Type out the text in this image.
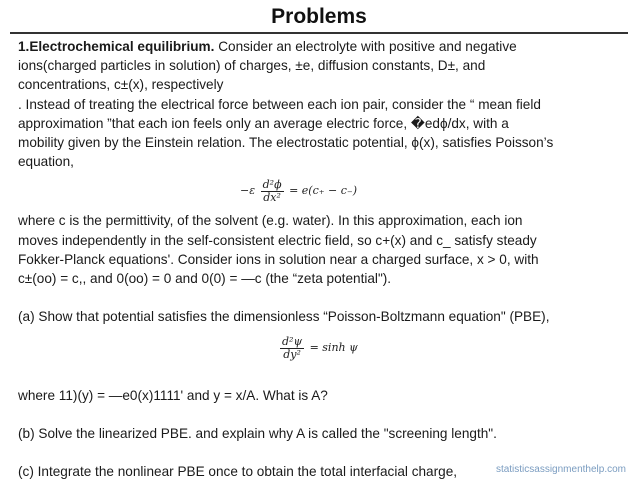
Problems
1.Electrochemical equilibrium. Consider an electrolyte with positive and negative
ions(charged particles in solution) of charges, ±e, diffusion constants, D±, and
concentrations, c±(x), respectively
. Instead of treating the electrical force between each ion pair, consider the “ mean field
approximation ”that each ion feels only an average electric force, �edϕ/dx, with a
mobility given by the Einstein relation. The electrostatic potential, ϕ(x), satisfies Poisson’s
equation,
$-\varepsilon \frac{\text{d²ϕ}}{\text{dx²}} = e(c_+ - c_-)$
where c is the permittivity, of the solvent (e.g. water). In this approximation, each ion
moves independently in the self-consistent electric field, so c+(x) and c_ satisfy steady
Fokker-Planck equations'. Consider ions in solution near a charged surface, x > 0, with
c±(oo) = c,, and 0(oo) = 0 and 0(0) = —c (the “zeta potential").
(a) Show that potential satisfies the dimensionless “Poisson-Boltzmann equation" (PBE),
$\frac{\text{d²ψ}}{\text{dy²}} = \sinh \psi$
where 11)(y) = —e0(x)1111' and y = x/A. What is A?
(b) Solve the linearized PBE. and explain why A is called the "screening length".
(c) Integrate the nonlinear PBE once to obtain the total interfacial charge,	statisticsassignmenthelp.com
